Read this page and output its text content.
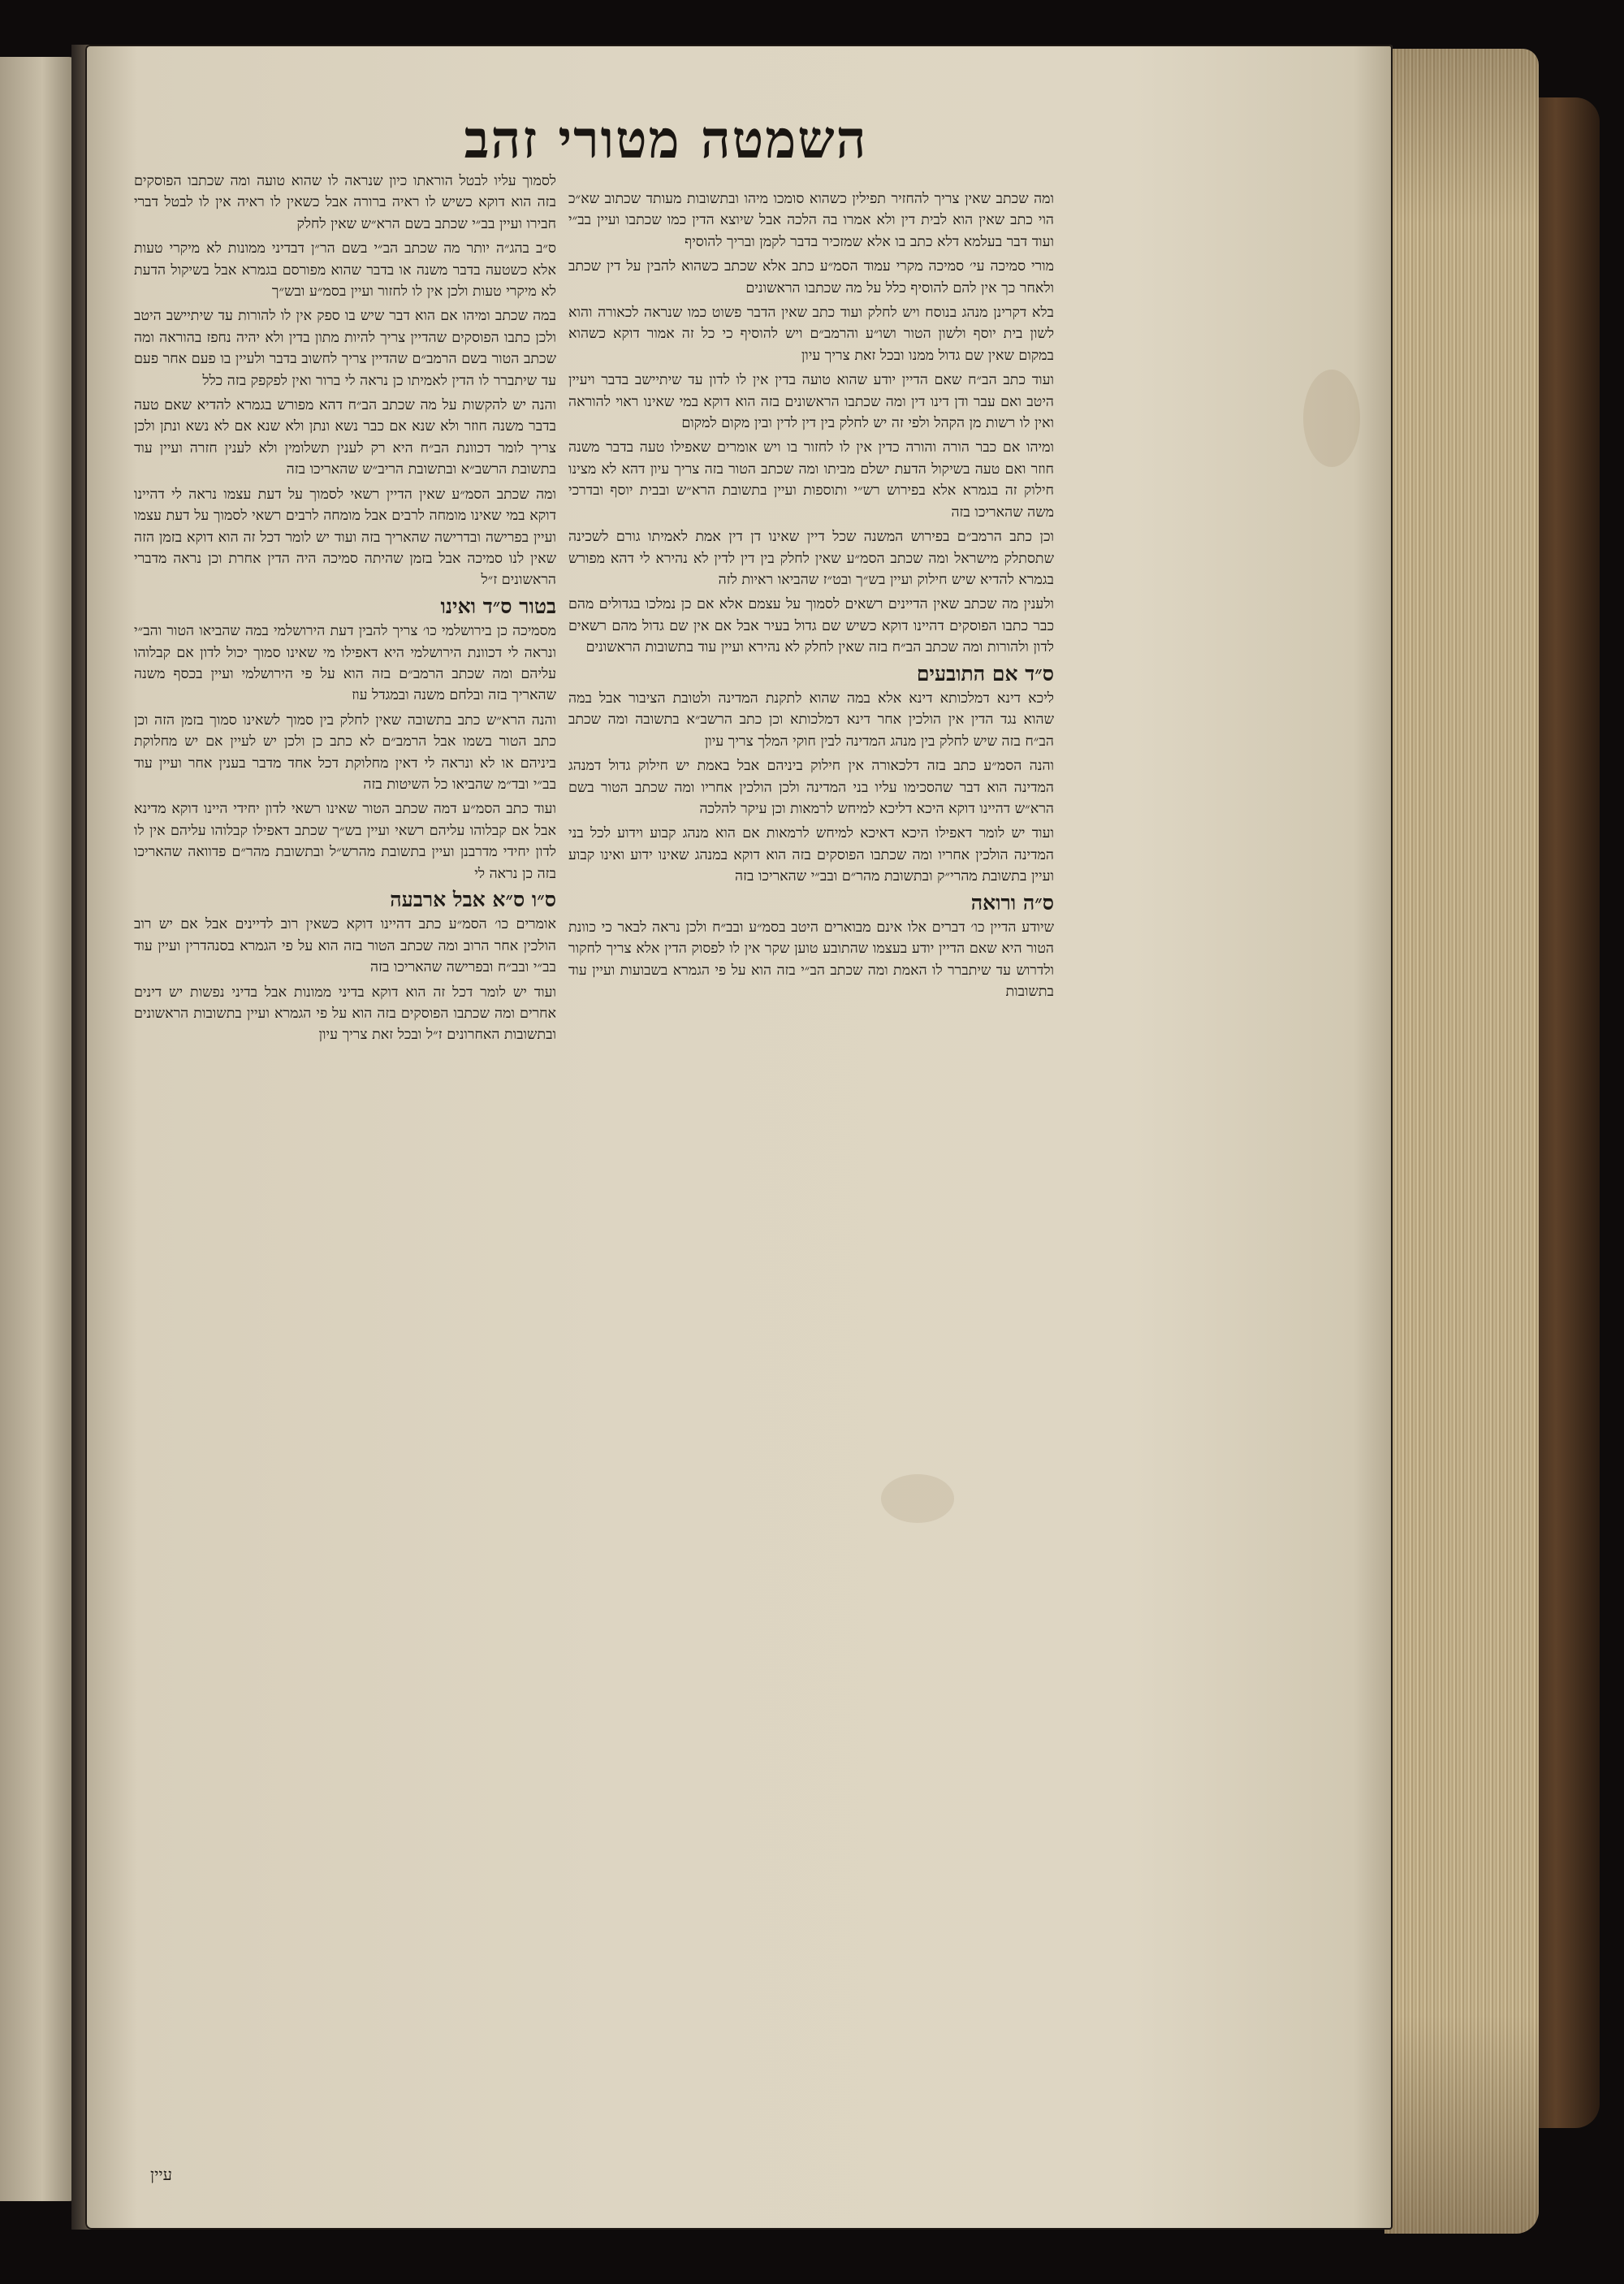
השמטה מטורי זהב

ומה שכתב שאין צריך להחזיר תפילין כשהוא סומכו מיהו ובתשובות מעותד שכתוב שא״כ הוי כתב שאין הוא לבית דין ולא אמרו בה הלכה אבל שיוצא הדין כמו שכתבו ועיין בב״י ועוד דבר בעלמא דלא כתב בו אלא שמזכיר בדבר לקמן ובריך להוסיף

מורי סמיכה עי׳ סמיכה מקרי עמוד הסמ״ע כתב אלא שכתב כשהוא להבין על דין שכתב ולאחר כך אין להם להוסיף כלל על מה שכתבו הראשונים

בלא דקרינן מנהג בנוסח ויש לחלק ועוד כתב שאין הדבר פשוט כמו שנראה לכאורה והוא לשון בית יוסף ולשון הטור ושו״ע והרמב״ם ויש להוסיף כי כל זה אמור דוקא כשהוא במקום שאין שם גדול ממנו ובכל זאת צריך עיון

ועוד כתב הב״ח שאם הדיין יודע שהוא טועה בדין אין לו לדון עד שיתיישב בדבר ויעיין היטב ואם עבר ודן דינו דין ומה שכתבו הראשונים בזה הוא דוקא במי שאינו ראוי להוראה ואין לו רשות מן הקהל ולפי זה יש לחלק בין דין לדין ובין מקום למקום

ומיהו אם כבר הורה והורה כדין אין לו לחזור בו ויש אומרים שאפילו טעה בדבר משנה חוזר ואם טעה בשיקול הדעת ישלם מביתו ומה שכתב הטור בזה צריך עיון דהא לא מצינו חילוק זה בגמרא אלא בפירוש רש״י ותוספות ועיין בתשובת הרא״ש ובבית יוסף ובדרכי משה שהאריכו בזה

וכן כתב הרמב״ם בפירוש המשנה שכל דיין שאינו דן דין אמת לאמיתו גורם לשכינה שתסתלק מישראל ומה שכתב הסמ״ע שאין לחלק בין דין לדין לא נהירא לי דהא מפורש בגמרא להדיא שיש חילוק ועיין בש״ך ובט״ז שהביאו ראיות לזה

ולענין מה שכתב שאין הדיינים רשאים לסמוך על עצמם אלא אם כן נמלכו בגדולים מהם כבר כתבו הפוסקים דהיינו דוקא כשיש שם גדול בעיר אבל אם אין שם גדול מהם רשאים לדון ולהורות ומה שכתב הב״ח בזה שאין לחלק לא נהירא ועיין עוד בתשובות הראשונים

ס״ד אם התובעים

ליכא דינא דמלכותא דינא אלא במה שהוא לתקנת המדינה ולטובת הציבור אבל במה שהוא נגד הדין אין הולכין אחר דינא דמלכותא וכן כתב הרשב״א בתשובה ומה שכתב הב״ח בזה שיש לחלק בין מנהג המדינה לבין חוקי המלך צריך עיון

והנה הסמ״ע כתב בזה דלכאורה אין חילוק ביניהם אבל באמת יש חילוק גדול דמנהג המדינה הוא דבר שהסכימו עליו בני המדינה ולכן הולכין אחריו ומה שכתב הטור בשם הרא״ש דהיינו דוקא היכא דליכא למיחש לרמאות וכן עיקר להלכה

ועוד יש לומר דאפילו היכא דאיכא למיחש לרמאות אם הוא מנהג קבוע וידוע לכל בני המדינה הולכין אחריו ומה שכתבו הפוסקים בזה הוא דוקא במנהג שאינו ידוע ואינו קבוע ועיין בתשובת מהרי״ק ובתשובת מהר״ם ובב״י שהאריכו בזה

ס״ה ורואה

שיודע הדיין כו׳ דברים אלו אינם מבוארים היטב בסמ״ע ובב״ח ולכן נראה לבאר כי כוונת הטור היא שאם הדיין יודע בעצמו שהתובע טוען שקר אין לו לפסוק הדין אלא צריך לחקור ולדרוש עד שיתברר לו האמת ומה שכתב הב״י בזה הוא על פי הגמרא בשבועות ועיין עוד בתשובות

לסמוך עליו לבטל הוראתו כיון שנראה לו שהוא טועה ומה שכתבו הפוסקים בזה הוא דוקא כשיש לו ראיה ברורה אבל כשאין לו ראיה אין לו לבטל דברי חבירו ועיין בב״י שכתב בשם הרא״ש שאין לחלק

ס״ב בהג״ה יותר מה שכתב הב״י בשם הר״ן דבדיני ממונות לא מיקרי טעות אלא כשטעה בדבר משנה או בדבר שהוא מפורסם בגמרא אבל בשיקול הדעת לא מיקרי טעות ולכן אין לו לחזור ועיין בסמ״ע ובש״ך

במה שכתב ומיהו אם הוא דבר שיש בו ספק אין לו להורות עד שיתיישב היטב ולכן כתבו הפוסקים שהדיין צריך להיות מתון בדין ולא יהיה נחפז בהוראה ומה שכתב הטור בשם הרמב״ם שהדיין צריך לחשוב בדבר ולעיין בו פעם אחר פעם עד שיתברר לו הדין לאמיתו כן נראה לי ברור ואין לפקפק בזה כלל

והנה יש להקשות על מה שכתב הב״ח דהא מפורש בגמרא להדיא שאם טעה בדבר משנה חוזר ולא שנא אם כבר נשא ונתן ולא שנא אם לא נשא ונתן ולכן צריך לומר דכוונת הב״ח היא רק לענין תשלומין ולא לענין חזרה ועיין עוד בתשובת הרשב״א ובתשובת הריב״ש שהאריכו בזה

ומה שכתב הסמ״ע שאין הדיין רשאי לסמוך על דעת עצמו נראה לי דהיינו דוקא במי שאינו מומחה לרבים אבל מומחה לרבים רשאי לסמוך על דעת עצמו ועיין בפרישה ובדרישה שהאריך בזה ועוד יש לומר דכל זה הוא דוקא בזמן הזה שאין לנו סמיכה אבל בזמן שהיתה סמיכה היה הדין אחרת וכן נראה מדברי הראשונים ז״ל

בטור ס״ד ואינו

מסמיכה כן בירושלמי כו׳ צריך להבין דעת הירושלמי במה שהביאו הטור והב״י ונראה לי דכוונת הירושלמי היא דאפילו מי שאינו סמוך יכול לדון אם קבלוהו עליהם ומה שכתב הרמב״ם בזה הוא על פי הירושלמי ועיין בכסף משנה שהאריך בזה ובלחם משנה ובמגדל עוז

והנה הרא״ש כתב בתשובה שאין לחלק בין סמוך לשאינו סמוך בזמן הזה וכן כתב הטור בשמו אבל הרמב״ם לא כתב כן ולכן יש לעיין אם יש מחלוקת ביניהם או לא ונראה לי דאין מחלוקת דכל אחד מדבר בענין אחר ועיין עוד בב״י ובד״מ שהביאו כל השיטות בזה

ועוד כתב הסמ״ע דמה שכתב הטור שאינו רשאי לדון יחידי היינו דוקא מדינא אבל אם קבלוהו עליהם רשאי ועיין בש״ך שכתב דאפילו קבלוהו עליהם אין לו לדון יחידי מדרבנן ועיין בתשובת מהרש״ל ובתשובת מהר״ם פדוואה שהאריכו בזה כן נראה לי

ס״ו ס״א אבל ארבעה

אומרים כו׳ הסמ״ע כתב דהיינו דוקא כשאין רוב לדיינים אבל אם יש רוב הולכין אחר הרוב ומה שכתב הטור בזה הוא על פי הגמרא בסנהדרין ועיין עוד בב״י ובב״ח ובפרישה שהאריכו בזה

ועוד יש לומר דכל זה הוא דוקא בדיני ממונות אבל בדיני נפשות יש דינים אחרים ומה שכתבו הפוסקים בזה הוא על פי הגמרא ועיין בתשובות הראשונים ובתשובות האחרונים ז״ל ובכל זאת צריך עיון

עיין
